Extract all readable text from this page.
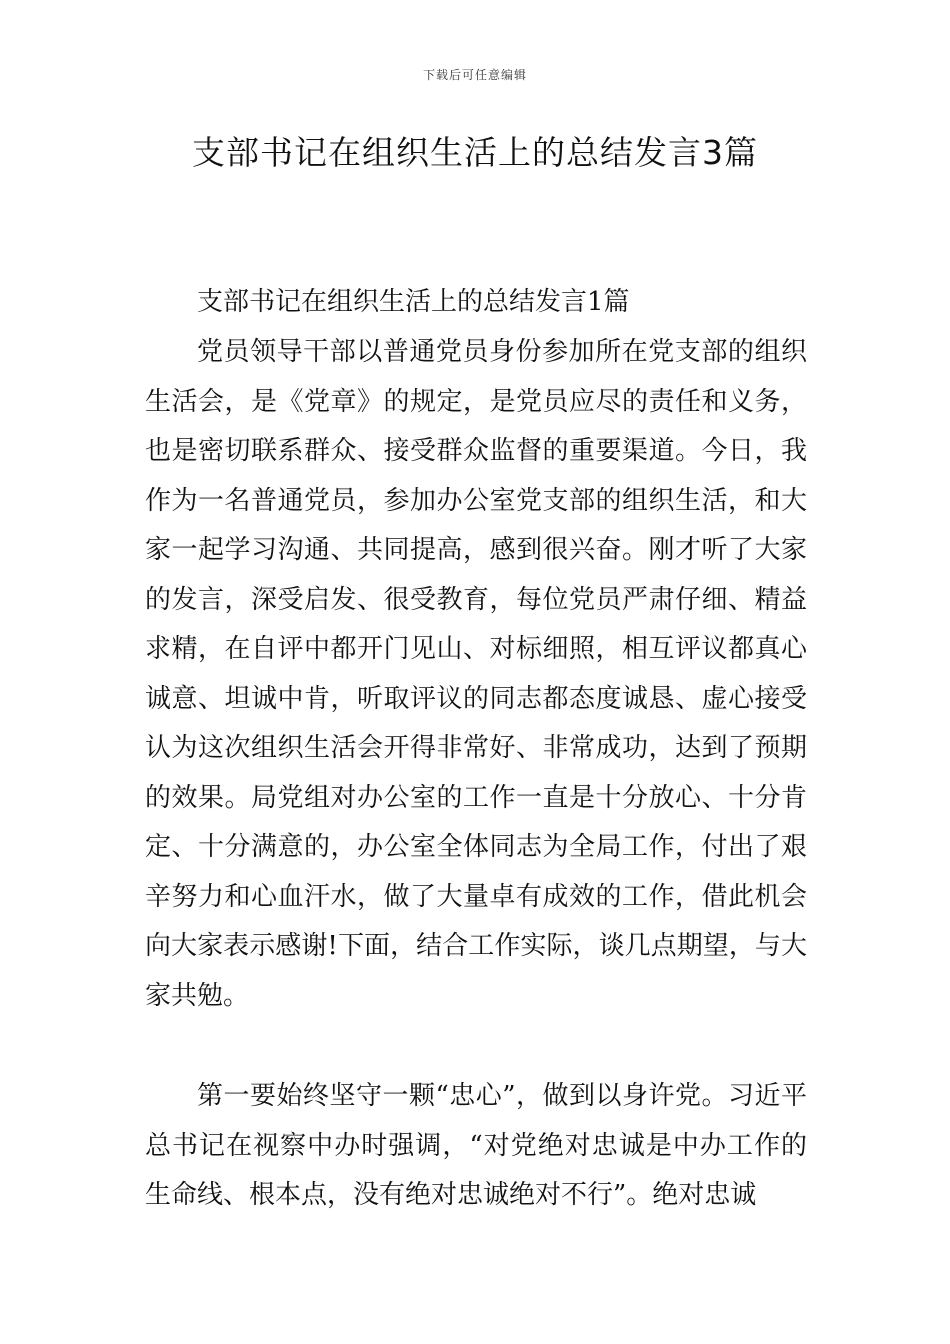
下载后可任意编辑
支部书记在组织生活上的总结发言3篇

支部书记在组织生活上的总结发言1篇

党员领导干部以普通党员身份参加所在党支部的组织生活会，是《党章》的规定，是党员应尽的责任和义务，也是密切联系群众、接受群众监督的重要渠道。今日，我作为一名普通党员，参加办公室党支部的组织生活，和大家一起学习沟通、共同提高，感到很兴奋。刚才听了大家的发言，深受启发、很受教育，每位党员严肃仔细、精益求精，在自评中都开门见山、对标细照，相互评议都真心诚意、坦诚中肯，听取评议的同志都态度诚恳、虚心接受认为这次组织生活会开得非常好、非常成功，达到了预期的效果。局党组对办公室的工作一直是十分放心、十分肯定、十分满意的，办公室全体同志为全局工作，付出了艰辛努力和心血汗水，做了大量卓有成效的工作，借此机会向大家表示感谢!下面，结合工作实际，谈几点期望，与大家共勉。

第一要始终坚守一颗“忠心”，做到以身许党。习近平总书记在视察中办时强调，“对党绝对忠诚是中办工作的生命线、根本点，没有绝对忠诚绝对不行”。绝对忠诚
